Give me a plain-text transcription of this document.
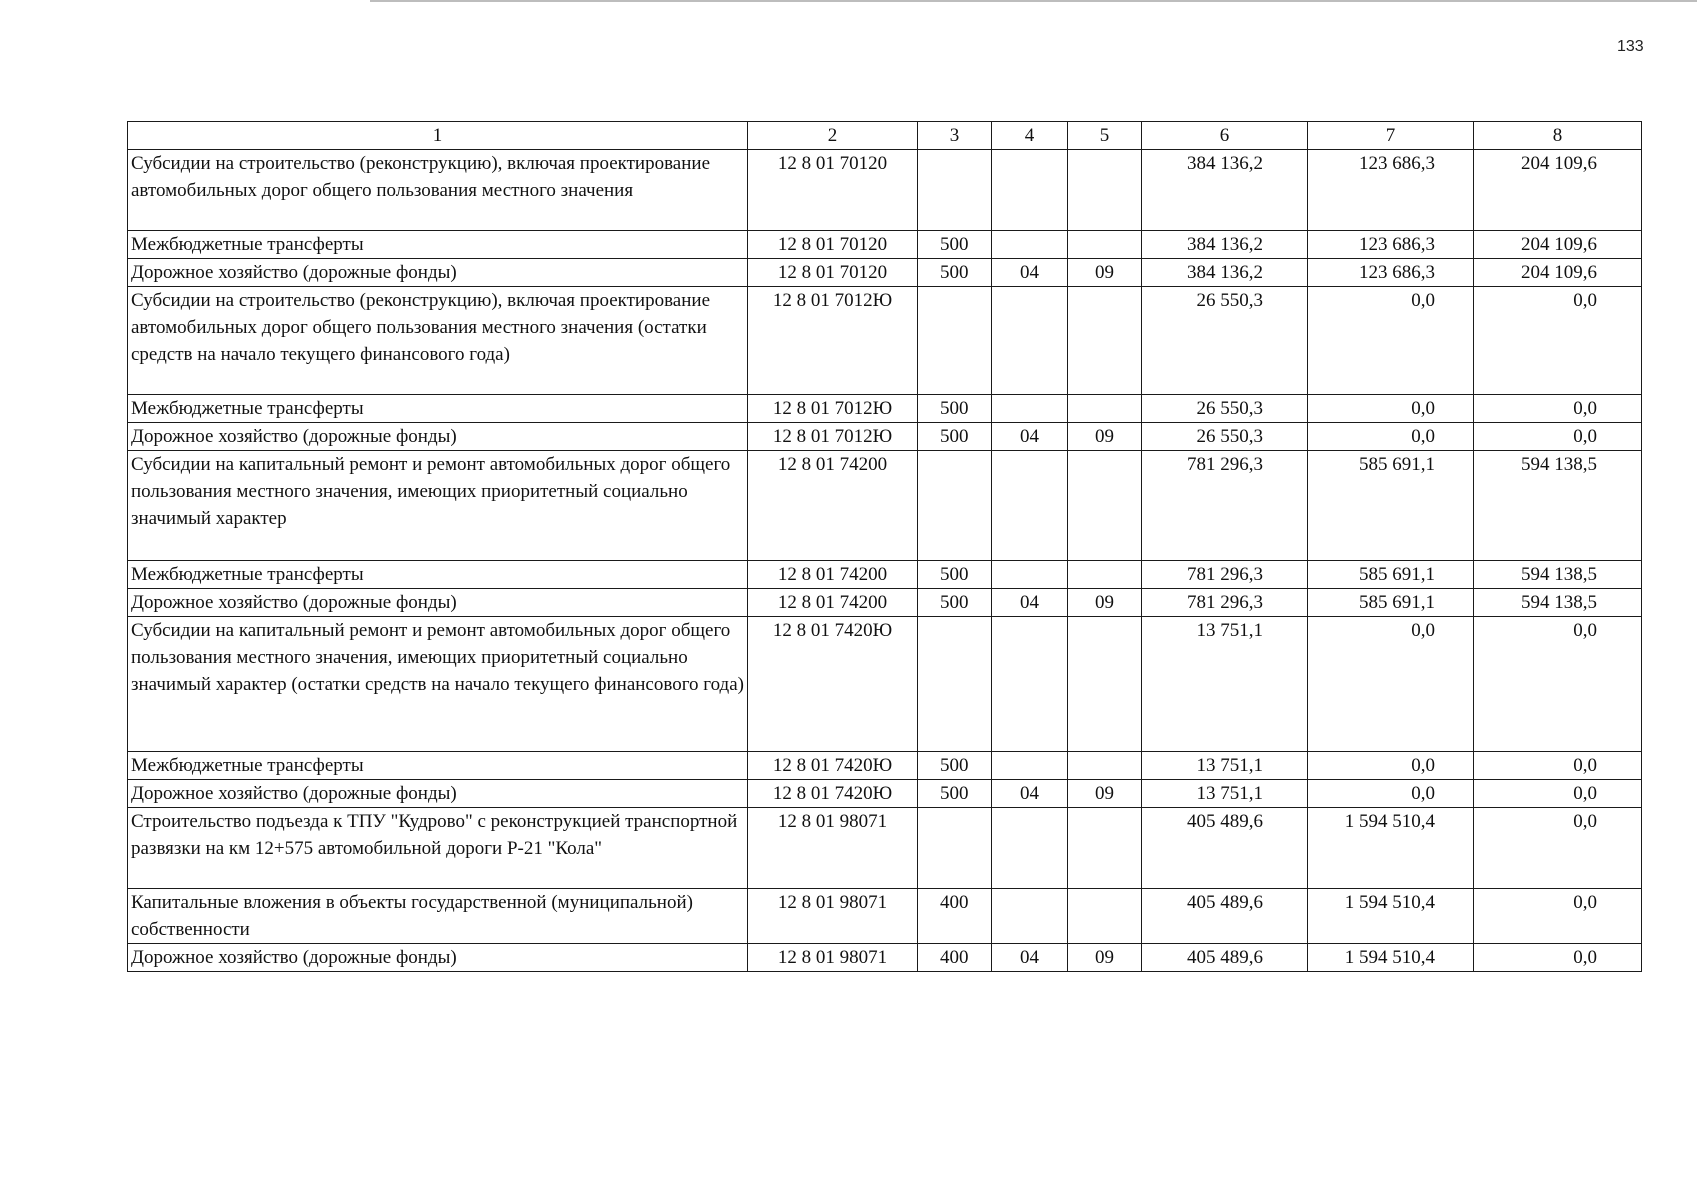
133
1	2	3	4	5	6	7	8
Субсидии на строительство (реконструкцию), включая проектирование автомобильных дорог общего пользования местного значения	12 8 01 70120				384 136,2	123 686,3	204 109,6
Межбюджетные трансферты	12 8 01 70120	500			384 136,2	123 686,3	204 109,6
Дорожное хозяйство (дорожные фонды)	12 8 01 70120	500	04	09	384 136,2	123 686,3	204 109,6
Субсидии на строительство (реконструкцию), включая проектирование автомобильных дорог общего пользования местного значения (остатки средств на начало текущего финансового года)	12 8 01 7012Ю				26 550,3	0,0	0,0
Межбюджетные трансферты	12 8 01 7012Ю	500			26 550,3	0,0	0,0
Дорожное хозяйство (дорожные фонды)	12 8 01 7012Ю	500	04	09	26 550,3	0,0	0,0
Субсидии на капитальный ремонт и ремонт автомобильных дорог общего пользования местного значения, имеющих приоритетный социально значимый характер	12 8 01 74200				781 296,3	585 691,1	594 138,5
Межбюджетные трансферты	12 8 01 74200	500			781 296,3	585 691,1	594 138,5
Дорожное хозяйство (дорожные фонды)	12 8 01 74200	500	04	09	781 296,3	585 691,1	594 138,5
Субсидии на капитальный ремонт и ремонт автомобильных дорог общего пользования местного значения, имеющих приоритетный социально значимый характер (остатки средств на начало текущего финансового года)	12 8 01 7420Ю				13 751,1	0,0	0,0
Межбюджетные трансферты	12 8 01 7420Ю	500			13 751,1	0,0	0,0
Дорожное хозяйство (дорожные фонды)	12 8 01 7420Ю	500	04	09	13 751,1	0,0	0,0
Строительство подъезда к ТПУ "Кудрово" с реконструкцией транспортной развязки на км 12+575 автомобильной дороги Р-21 "Кола"	12 8 01 98071				405 489,6	1 594 510,4	0,0
Капитальные вложения в объекты государственной (муниципальной) собственности	12 8 01 98071	400			405 489,6	1 594 510,4	0,0
Дорожное хозяйство (дорожные фонды)	12 8 01 98071	400	04	09	405 489,6	1 594 510,4	0,0
